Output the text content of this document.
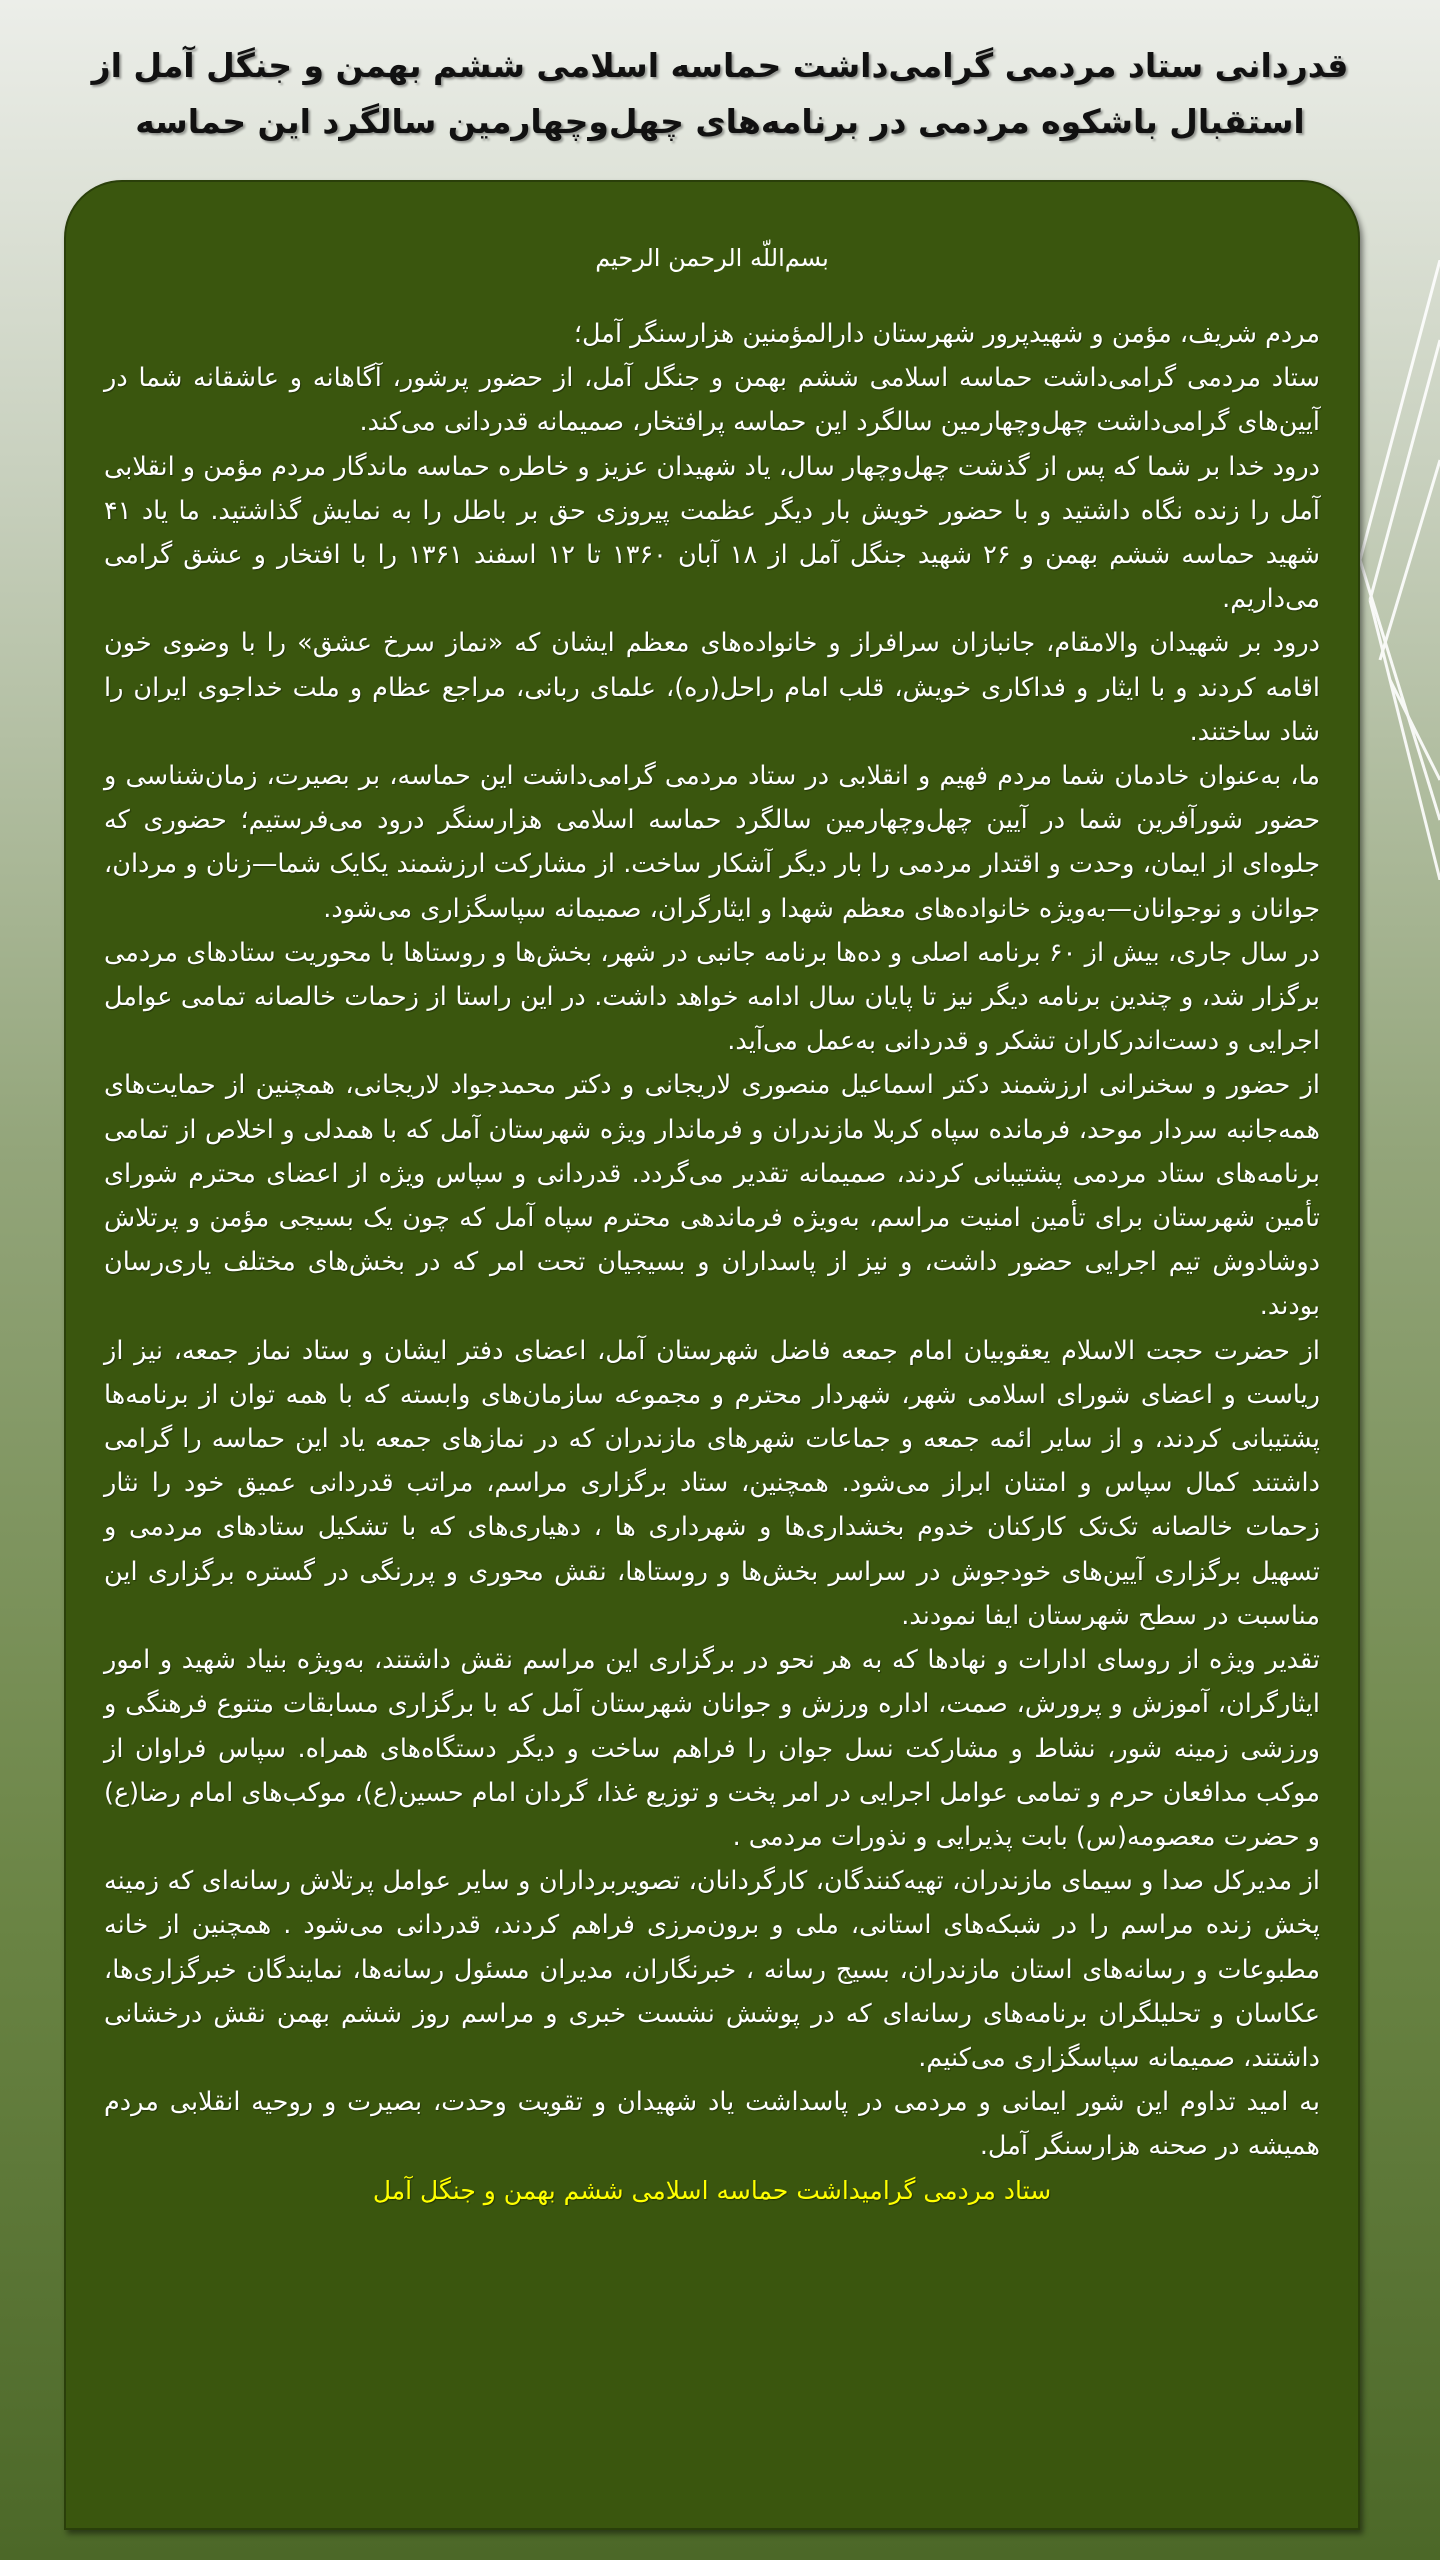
قدردانی ستاد مردمی گرامی‌داشت حماسه اسلامی ششم بهمن و جنگل آمل از
استقبال باشکوه مردمی در برنامه‌های چهل‌وچهارمین سالگرد این حماسه
بسم‌اللّه الرحمن الرحیم

مردم شریف، مؤمن و شهیدپرور شهرستان دارالمؤمنین هزارسنگر آمل؛

ستاد مردمی گرامی‌داشت حماسه اسلامی ششم بهمن و جنگل آمل، از حضور پرشور، آگاهانه و عاشقانه شما در آیین‌های گرامی‌داشت چهل‌وچهارمین سالگرد این حماسه پرافتخار، صمیمانه قدردانی می‌کند.

درود خدا بر شما که پس از گذشت چهل‌وچهار سال، یاد شهیدان عزیز و خاطره حماسه ماندگار مردم مؤمن و انقلابی آمل را زنده نگاه داشتید و با حضور خویش بار دیگر عظمت پیروزی حق بر باطل را به نمایش گذاشتید. ما یاد ۴۱ شهید حماسه ششم بهمن و ۲۶ شهید جنگل آمل از ۱۸ آبان ۱۳۶۰ تا ۱۲ اسفند ۱۳۶۱ را با افتخار و عشق گرامی می‌داریم.

درود بر شهیدان والامقام، جانبازان سرافراز و خانواده‌های معظم ایشان که «نماز سرخ عشق» را با وضوی خون اقامه کردند و با ایثار و فداکاری خویش، قلب امام راحل(ره)، علمای ربانی، مراجع عظام و ملت خداجوی ایران را شاد ساختند.

ما، به‌عنوان خادمان شما مردم فهیم و انقلابی در ستاد مردمی گرامی‌داشت این حماسه، بر بصیرت، زمان‌شناسی و حضور شورآفرین شما در آیین چهل‌وچهارمین سالگرد حماسه اسلامی هزارسنگر درود می‌فرستیم؛ حضوری که جلوه‌ای از ایمان، وحدت و اقتدار مردمی را بار دیگر آشکار ساخت. از مشارکت ارزشمند یکایک شما—زنان و مردان، جوانان و نوجوانان—به‌ویژه خانواده‌های معظم شهدا و ایثارگران، صمیمانه سپاسگزاری می‌شود.

در سال جاری، بیش از ۶۰ برنامه اصلی و ده‌ها برنامه جانبی در شهر، بخش‌ها و روستاها با محوریت ستادهای مردمی برگزار شد، و چندین برنامه دیگر نیز تا پایان سال ادامه خواهد داشت. در این راستا از زحمات خالصانه تمامی عوامل اجرایی و دست‌اندرکاران تشکر و قدردانی به‌عمل می‌آید.

از حضور و سخنرانی ارزشمند دکتر اسماعیل منصوری لاریجانی و دکتر محمدجواد لاریجانی، همچنین از حمایت‌های همه‌جانبه سردار موحد، فرمانده سپاه کربلا مازندران و فرماندار ویژه شهرستان آمل که با همدلی و اخلاص از تمامی برنامه‌های ستاد مردمی پشتیبانی کردند، صمیمانه تقدیر می‌گردد. قدردانی و سپاس ویژه از اعضای محترم شورای تأمین شهرستان برای تأمین امنیت مراسم، به‌ویژه فرماندهی محترم سپاه آمل که چون یک بسیجی مؤمن و پرتلاش دوشادوش تیم اجرایی حضور داشت، و نیز از پاسداران و بسیجیان تحت امر که در بخش‌های مختلف یاری‌رسان بودند.

از حضرت حجت الاسلام یعقوبیان امام جمعه فاضل شهرستان آمل، اعضای دفتر ایشان و ستاد نماز جمعه، نیز از ریاست و اعضای شورای اسلامی شهر، شهردار محترم و مجموعه سازمان‌های وابسته که با همه توان از برنامه‌ها پشتیبانی کردند، و از سایر ائمه جمعه و جماعات شهرهای مازندران که در نمازهای جمعه یاد این حماسه را گرامی داشتند کمال سپاس و امتنان ابراز می‌شود. همچنین، ستاد برگزاری مراسم، مراتب قدردانی عمیق خود را نثار زحمات خالصانه تک‌تک کارکنان خدوم بخشداری‌ها و شهرداری ها ، دهیاری‌های که با تشکیل ستادهای مردمی و تسهیل برگزاری آیین‌های خودجوش در سراسر بخش‌ها و روستاها، نقش محوری و پررنگی در گستره برگزاری این مناسبت در سطح شهرستان ایفا نمودند.

تقدیر ویژه از روسای ادارات و نهادها که به هر نحو در برگزاری این مراسم نقش داشتند، به‌ویژه بنیاد شهید و امور ایثارگران، آموزش و پرورش، صمت، اداره ورزش و جوانان شهرستان آمل که با برگزاری مسابقات متنوع فرهنگی و ورزشی زمینه شور، نشاط و مشارکت نسل جوان را فراهم ساخت و دیگر دستگاه‌های همراه. سپاس فراوان از موکب مدافعان حرم و تمامی عوامل اجرایی در امر پخت و توزیع غذا، گردان امام حسین(ع)، موکب‌های امام رضا(ع) و حضرت معصومه(س) بابت پذیرایی و نذورات مردمی .

از مدیرکل صدا و سیمای مازندران، تهیه‌کنندگان، کارگردانان، تصویربرداران و سایر عوامل پرتلاش رسانه‌ای که زمینه پخش زنده مراسم را در شبکه‌های استانی، ملی و برون‌مرزی فراهم کردند، قدردانی می‌شود . همچنین از خانه مطبوعات و رسانه‌های استان مازندران، بسیج رسانه ، خبرنگاران، مدیران مسئول رسانه‌ها، نمایندگان خبرگزاری‌ها، عکاسان و تحلیلگران برنامه‌های رسانه‌ای که در پوشش نشست خبری و مراسم روز ششم بهمن نقش درخشانی داشتند، صمیمانه سپاسگزاری می‌کنیم.

به امید تداوم این شور ایمانی و مردمی در پاسداشت یاد شهیدان و تقویت وحدت، بصیرت و روحیه انقلابی مردم همیشه در صحنه هزارسنگر آمل.

ستاد مردمی گرامیداشت حماسه اسلامی ششم بهمن و جنگل آمل
